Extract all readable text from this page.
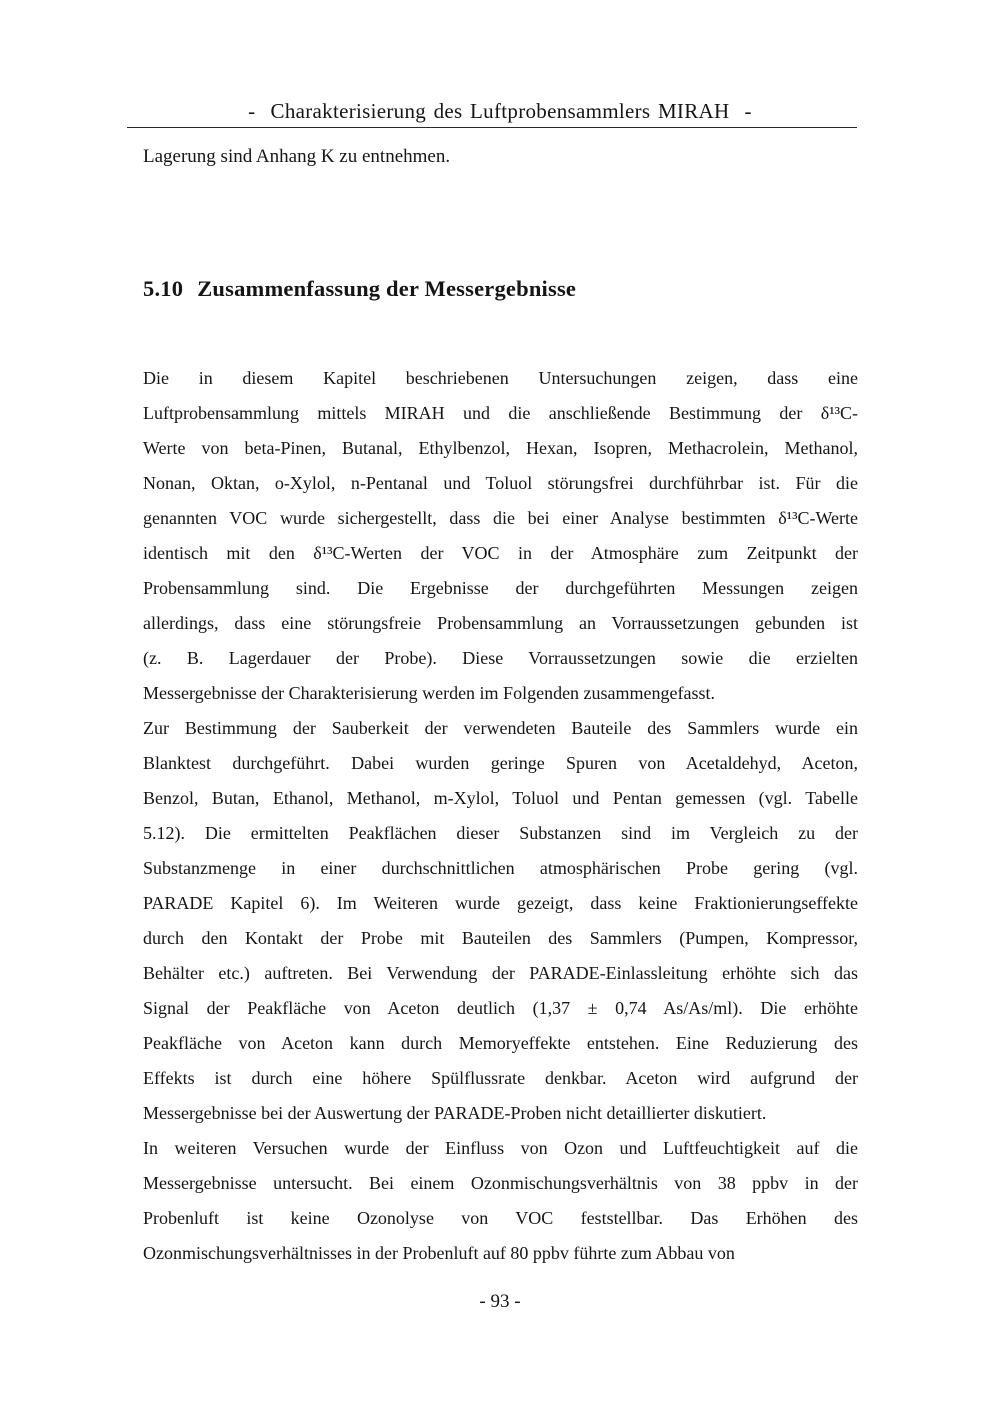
-  Charakterisierung des Luftprobensammlers MIRAH  -
Lagerung sind Anhang K zu entnehmen.
5.10 Zusammenfassung der Messergebnisse
Die in diesem Kapitel beschriebenen Untersuchungen zeigen, dass eine
Luftprobensammlung mittels MIRAH und die anschließende Bestimmung der δ¹³C-
Werte von beta-Pinen, Butanal, Ethylbenzol, Hexan, Isopren, Methacrolein, Methanol,
Nonan, Oktan, o-Xylol, n-Pentanal und Toluol störungsfrei durchführbar ist. Für die
genannten VOC wurde sichergestellt, dass die bei einer Analyse bestimmten δ¹³C-Werte
identisch mit den δ¹³C-Werten der VOC in der Atmosphäre zum Zeitpunkt der
Probensammlung sind. Die Ergebnisse der durchgeführten Messungen zeigen
allerdings, dass eine störungsfreie Probensammlung an Vorraussetzungen gebunden ist
(z. B. Lagerdauer der Probe). Diese Vorraussetzungen sowie die erzielten
Messergebnisse der Charakterisierung werden im Folgenden zusammengefasst.
Zur Bestimmung der Sauberkeit der verwendeten Bauteile des Sammlers wurde ein
Blanktest durchgeführt. Dabei wurden geringe Spuren von Acetaldehyd, Aceton,
Benzol, Butan, Ethanol, Methanol, m-Xylol, Toluol und Pentan gemessen (vgl. Tabelle
5.12). Die ermittelten Peakflächen dieser Substanzen sind im Vergleich zu der
Substanzmenge in einer durchschnittlichen atmosphärischen Probe gering (vgl.
PARADE Kapitel 6). Im Weiteren wurde gezeigt, dass keine Fraktionierungseffekte
durch den Kontakt der Probe mit Bauteilen des Sammlers (Pumpen, Kompressor,
Behälter etc.) auftreten. Bei Verwendung der PARADE-Einlassleitung erhöhte sich das
Signal der Peakfläche von Aceton deutlich (1,37 ± 0,74 As/As/ml). Die erhöhte
Peakfläche von Aceton kann durch Memoryeffekte entstehen. Eine Reduzierung des
Effekts ist durch eine höhere Spülflussrate denkbar. Aceton wird aufgrund der
Messergebnisse bei der Auswertung der PARADE-Proben nicht detaillierter diskutiert.
In weiteren Versuchen wurde der Einfluss von Ozon und Luftfeuchtigkeit auf die
Messergebnisse untersucht. Bei einem Ozonmischungsverhältnis von 38 ppbv in der
Probenluft ist keine Ozonolyse von VOC feststellbar. Das Erhöhen des
Ozonmischungsverhältnisses in der Probenluft auf 80 ppbv führte zum Abbau von
- 93 -
